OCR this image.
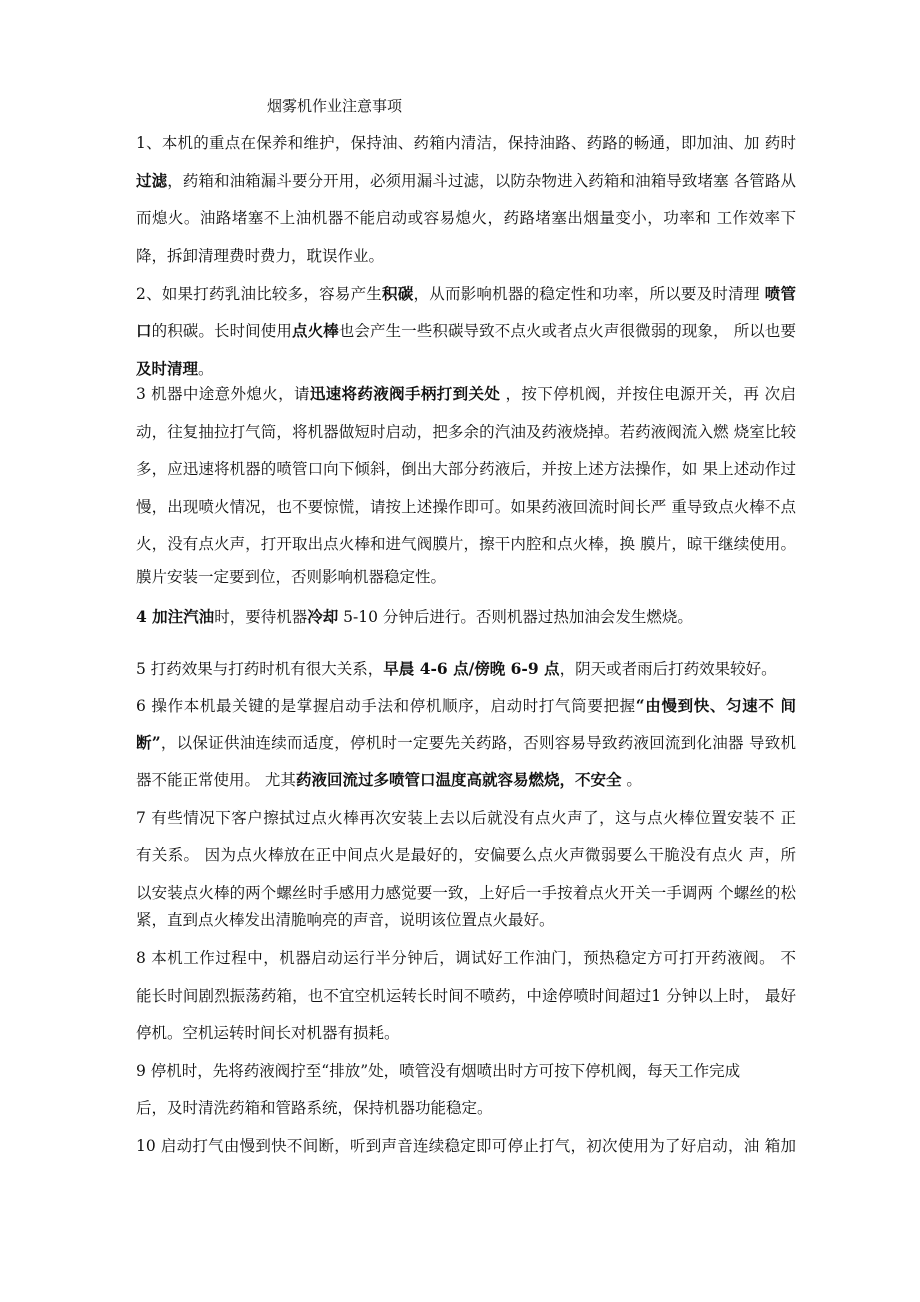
烟雾机作业注意事项
1、本机的重点在保养和维护，保持油、药箱内清洁，保持油路、药路的畅通，即加油、加 药时
过滤，药箱和油箱漏斗要分开用，必须用漏斗过滤，以防杂物进入药箱和油箱导致堵塞 各管路从
而熄火。油路堵塞不上油机器不能启动或容易熄火，药路堵塞出烟量变小，功率和 工作效率下
降，拆卸清理费时费力，耽误作业。
2、如果打药乳油比较多，容易产生积碳，从而影响机器的稳定性和功率，所以要及时清理 喷管
口的积碳。长时间使用点火棒也会产生一些积碳导致不点火或者点火声很微弱的现象， 所以也要
及时清理。
3 机器中途意外熄火，请迅速将药液阀手柄打到关处 ，按下停机阀，并按住电源开关，再 次启
动，往复抽拉打气筒，将机器做短时启动，把多余的汽油及药液烧掉。若药液阀流入燃 烧室比较
多，应迅速将机器的喷管口向下倾斜，倒出大部分药液后，并按上述方法操作，如 果上述动作过
慢，出现喷火情况，也不要惊慌，请按上述操作即可。如果药液回流时间长严 重导致点火棒不点
火，没有点火声，打开取出点火棒和进气阀膜片，擦干内腔和点火棒，换 膜片，晾干继续使用。
膜片安装一定要到位，否则影响机器稳定性。
4 加注汽油时，要待机器冷却 5-10 分钟后进行。否则机器过热加油会发生燃烧。
5 打药效果与打药时机有很大关系，早晨 4-6 点/傍晚 6-9 点，阴天或者雨后打药效果较好。
6 操作本机最关键的是掌握启动手法和停机顺序，启动时打气筒要把握“由慢到快、匀速不 间
断”，以保证供油连续而适度，停机时一定要先关药路，否则容易导致药液回流到化油器 导致机
器不能正常使用。 尤其药液回流过多喷管口温度高就容易燃烧，不安全 。
7 有些情况下客户擦拭过点火棒再次安装上去以后就没有点火声了，这与点火棒位置安装不 正
有关系。 因为点火棒放在正中间点火是最好的，安偏要么点火声微弱要么干脆没有点火 声，所
以安装点火棒的两个螺丝时手感用力感觉要一致，上好后一手按着点火开关一手调两 个螺丝的松
紧，直到点火棒发出清脆响亮的声音，说明该位置点火最好。
8 本机工作过程中，机器启动运行半分钟后，调试好工作油门，预热稳定方可打开药液阀。 不
能长时间剧烈振荡药箱，也不宜空机运转长时间不喷药，中途停喷时间超过1 分钟以上时， 最好
停机。空机运转时间长对机器有损耗。
9 停机时，先将药液阀拧至“排放”处，喷管没有烟喷出时方可按下停机阀，每天工作完成
后，及时清洗药箱和管路系统，保持机器功能稳定。
10 启动打气由慢到快不间断，听到声音连续稳定即可停止打气，初次使用为了好启动，油 箱加
